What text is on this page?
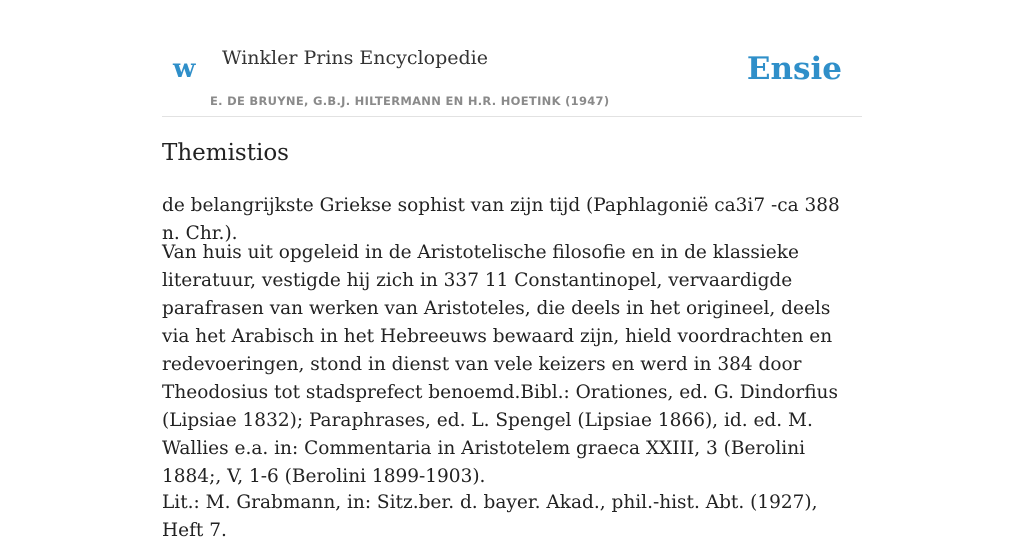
w Winkler Prins Encyclopedie
E. DE BRUYNE, G.B.J. HILTERMANN EN H.R. HOETINK (1947)
Ensie
Themistios

de belangrijkste Griekse sophist van zijn tijd (Paphlagonië ca3i7 -ca 388 n. Chr.).

Van huis uit opgeleid in de Aristotelische filosofie en in de klassieke literatuur, vestigde hij zich in 337 11 Constantinopel, vervaardigde parafrasen van werken van Aristoteles, die deels in het origineel, deels via het Arabisch in het Hebreeuws bewaard zijn, hield voordrachten en redevoeringen, stond in dienst van vele keizers en werd in 384 door Theodosius tot stadsprefect benoemd.Bibl.: Orationes, ed. G. Dindorfius (Lipsiae 1832); Paraphrases, ed. L. Spengel (Lipsiae 1866), id. ed. M. Wallies e.a. in: Commentaria in Aristotelem graeca XXIII, 3 (Berolini 1884;, V, 1-6 (Berolini 1899-1903).

Lit.: M. Grabmann, in: Sitz.ber. d. bayer. Akad., phil.-hist. Abt. (1927), Heft 7.
